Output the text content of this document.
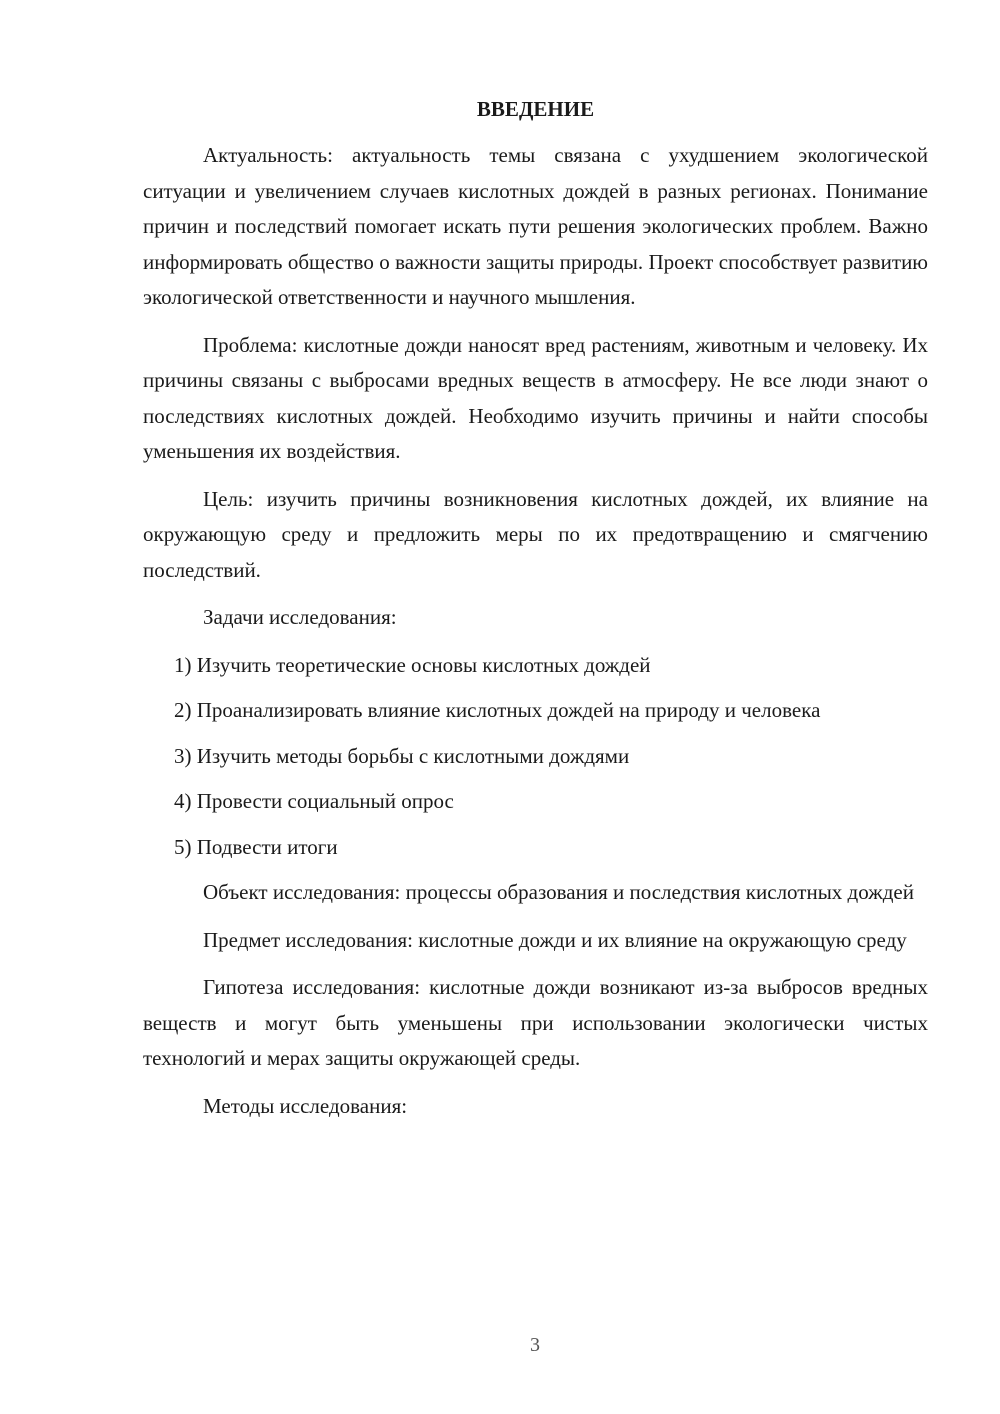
ВВЕДЕНИЕ

Актуальность: актуальность темы связана с ухудшением экологической ситуации и увеличением случаев кислотных дождей в разных регионах. Понимание причин и последствий помогает искать пути решения экологических проблем. Важно информировать общество о важности защиты природы. Проект способствует развитию экологической ответственности и научного мышления.

Проблема: кислотные дожди наносят вред растениям, животным и человеку. Их причины связаны с выбросами вредных веществ в атмосферу. Не все люди знают о последствиях кислотных дождей. Необходимо изучить причины и найти способы уменьшения их воздействия.

Цель: изучить причины возникновения кислотных дождей, их влияние на окружающую среду и предложить меры по их предотвращению и смягчению последствий.

Задачи исследования:

1) Изучить теоретические основы кислотных дождей

2) Проанализировать влияние кислотных дождей на природу и человека

3) Изучить методы борьбы с кислотными дождями

4) Провести социальный опрос

5) Подвести итоги

Объект исследования: процессы образования и последствия кислотных дождей

Предмет исследования: кислотные дожди и их влияние на окружающую среду

Гипотеза исследования: кислотные дожди возникают из-за выбросов вредных веществ и могут быть уменьшены при использовании экологически чистых технологий и мерах защиты окружающей среды.

Методы исследования:

3
